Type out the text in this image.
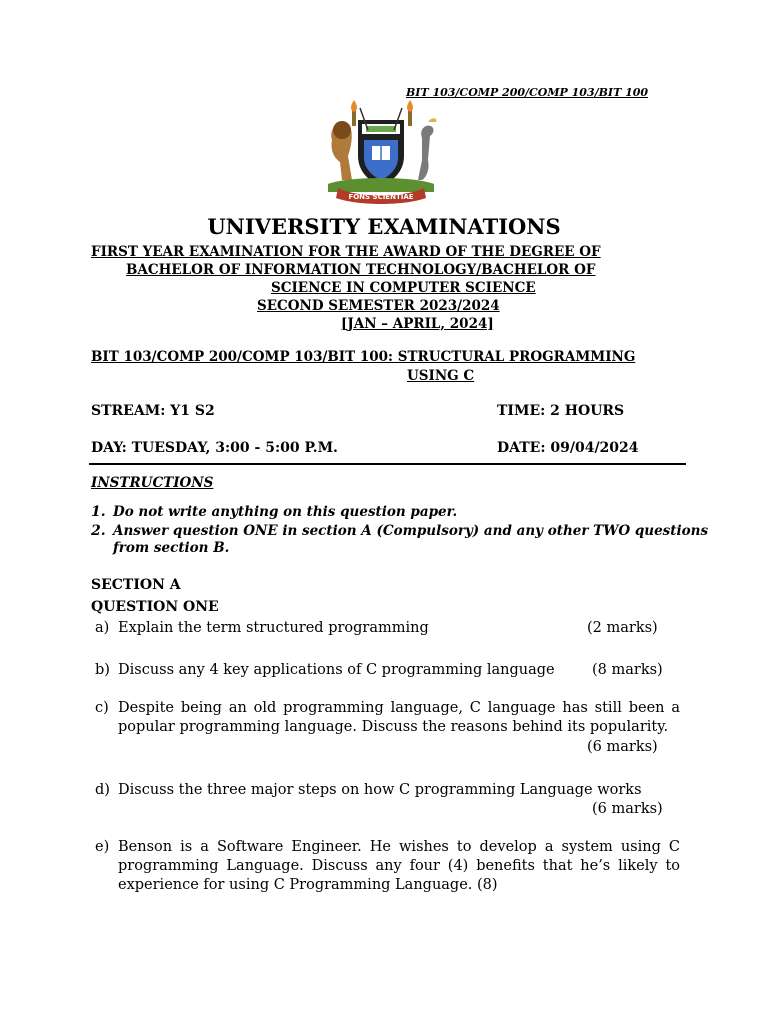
BIT 103/COMP 200/COMP 103/BIT 100
FONS SCIENTIAE
UNIVERSITY EXAMINATIONS
FIRST YEAR EXAMINATION FOR THE AWARD OF THE DEGREE OF
BACHELOR OF INFORMATION TECHNOLOGY/BACHELOR OF
SCIENCE IN COMPUTER SCIENCE
SECOND SEMESTER 2023/2024
[JAN – APRIL, 2024]
BIT 103/COMP 200/COMP 103/BIT 100: STRUCTURAL PROGRAMMING
USING C
STREAM: Y1 S2	TIME: 2 HOURS
DAY: TUESDAY, 3:00 - 5:00 P.M.	DATE: 09/04/2024
INSTRUCTIONS
1. Do not write anything on this question paper.
2. Answer question ONE in section A (Compulsory) and any other TWO questions
from section B.
SECTION A
QUESTION ONE
a) Explain the term structured programming	(2 marks)
b) Discuss any 4 key applications of C programming language	(8 marks)
c) Despite being an old programming language, C language has still been a
popular programming language. Discuss the reasons behind its popularity.
(6 marks)
d) Discuss the three major steps on how C programming Language works
(6 marks)
e) Benson is a Software Engineer. He wishes to develop a system using C
programming Language. Discuss any four (4) benefits that he’s likely to
experience for using C Programming Language. (8)
